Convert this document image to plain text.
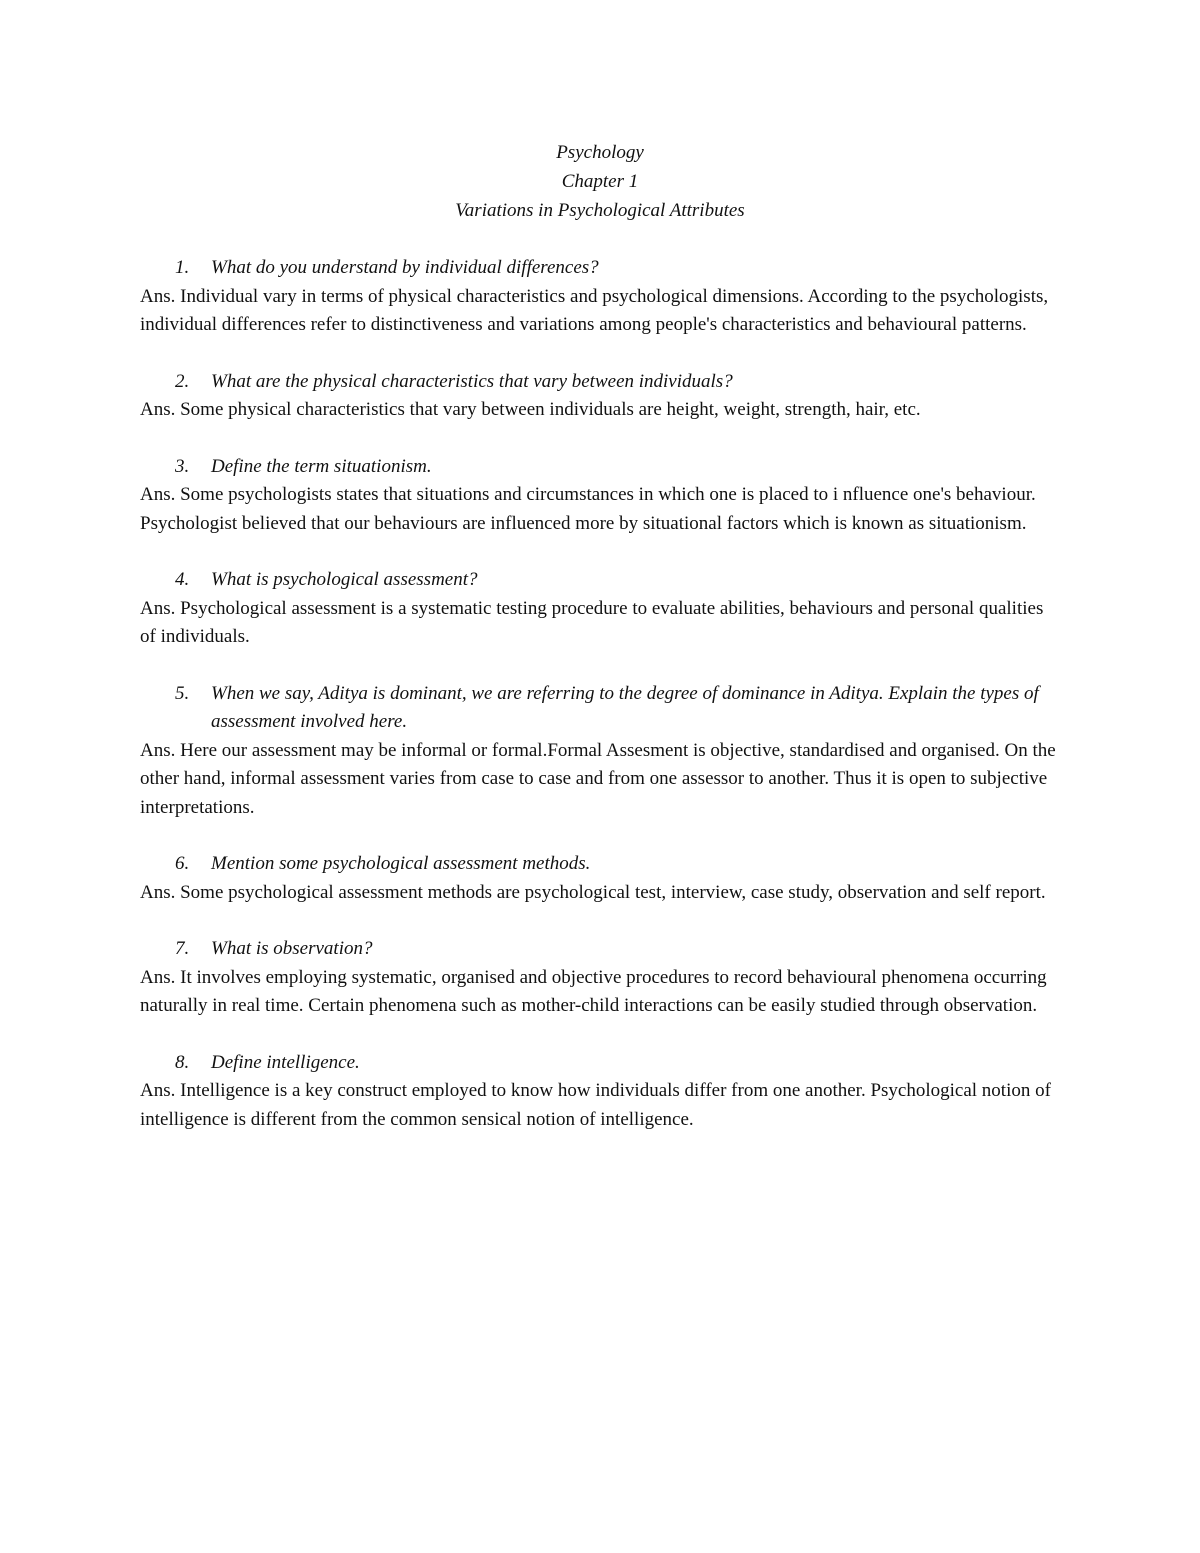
Psychology
Chapter 1
Variations in Psychological Attributes
1.	What do you understand by individual differences?
Ans. Individual vary in terms of physical characteristics and psychological dimensions. According to the psychologists, individual differences refer to distinctiveness and variations among people's characteristics and behavioural patterns.
2.	What are the physical characteristics that vary between individuals?
Ans. Some physical characteristics that vary between individuals are height, weight, strength, hair, etc.
3.	Define the term situationism.
Ans. Some psychologists states that situations and circumstances in which one is placed to i nfluence one's behaviour. Psychologist believed that our behaviours are influenced more by situational factors which is known as situationism.
4.	What is psychological assessment?
Ans. Psychological assessment is a systematic testing procedure to evaluate abilities, behaviours and personal qualities of individuals.
5.	When we say, Aditya is dominant, we are referring to the degree of dominance in Aditya. Explain the types of assessment involved here.
Ans. Here our assessment may be informal or formal.Formal Assesment is objective, standardised and organised. On the other hand, informal assessment varies from case to case and from one assessor to another. Thus it is open to subjective interpretations.
6.	Mention some psychological assessment methods.
Ans. Some psychological assessment methods are psychological test, interview, case study, observation and self report.
7.	What is observation?
Ans. It involves employing systematic, organised and objective procedures to record behavioural phenomena occurring naturally in real time. Certain phenomena such as mother-child interactions can be easily studied through observation.
8.	Define intelligence.
Ans. Intelligence is a key construct employed to know how individuals differ from one another. Psychological notion of intelligence is different from the common sensical notion of intelligence.
